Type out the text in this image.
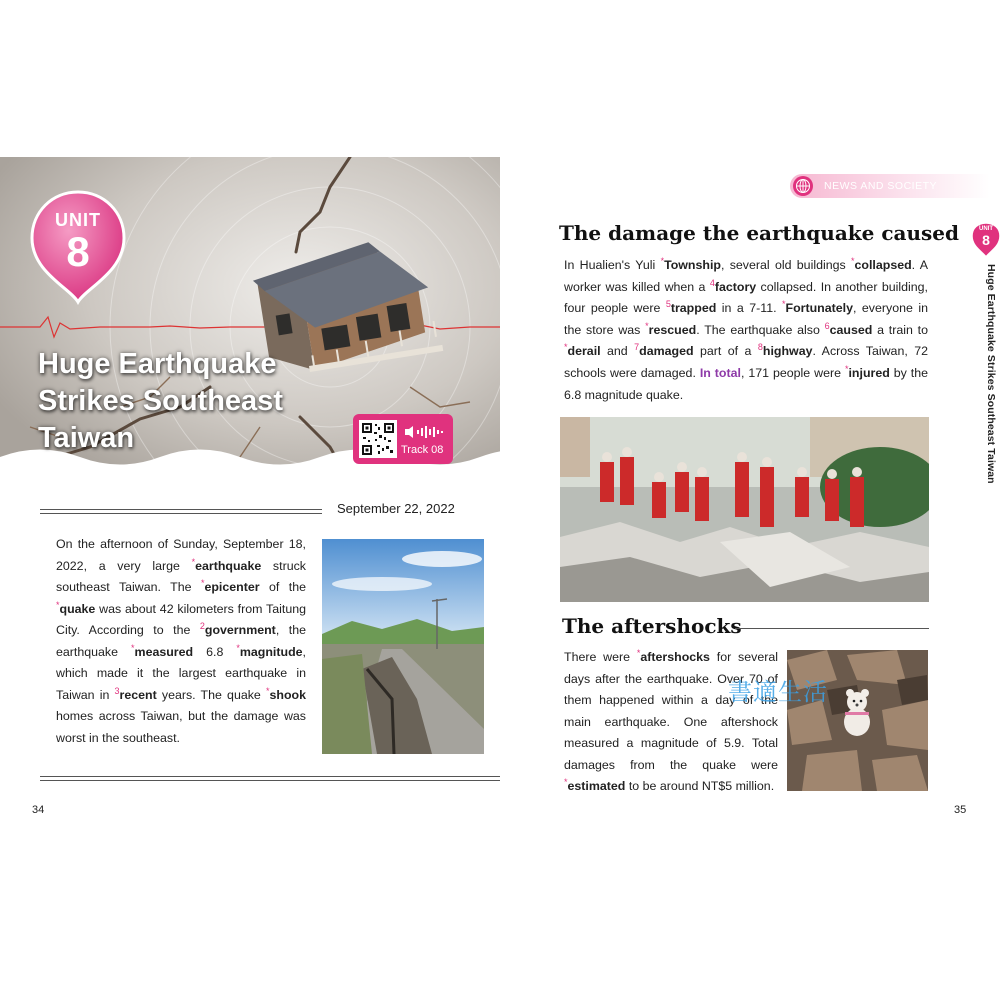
UNIT
8
Huge Earthquake
Strikes Southeast
Taiwan	Track 08
September 22, 2022
On the afternoon of Sunday, September 18, 2022, a very large *earthquake struck southeast Taiwan. The *epicenter of the *quake was about 42 kilometers from Taitung City. According to the $^2$government, the earthquake *measured 6.8 *magnitude, which made it the largest earthquake in Taiwan in $^3$recent years. The quake *shook homes across Taiwan, but the damage was worst in the southeast.
34
NEWS AND SOCIETY
The damage the earthquake caused
In Hualien's Yuli *Township, several old buildings *collapsed. A worker was killed when a $^4$factory collapsed. In another building, four people were $^5$trapped in a 7-11. *Fortunately, everyone in the store was *rescued. The earthquake also $^6$caused a train to *derail and $^7$damaged part of a $^8$highway. Across Taiwan, 72 schools were damaged. In total, 171 people were *injured by the 6.8 magnitude quake.
The aftershocks
There were *aftershocks for several days after the earthquake. Over 70 of them happened within a day of the main earthquake. One aftershock measured a magnitude of 5.9. Total damages from the quake were *estimated to be around NT$5 million.
書適生活
UNIT
8
Huge Earthquake Strikes Southeast Taiwan
35
